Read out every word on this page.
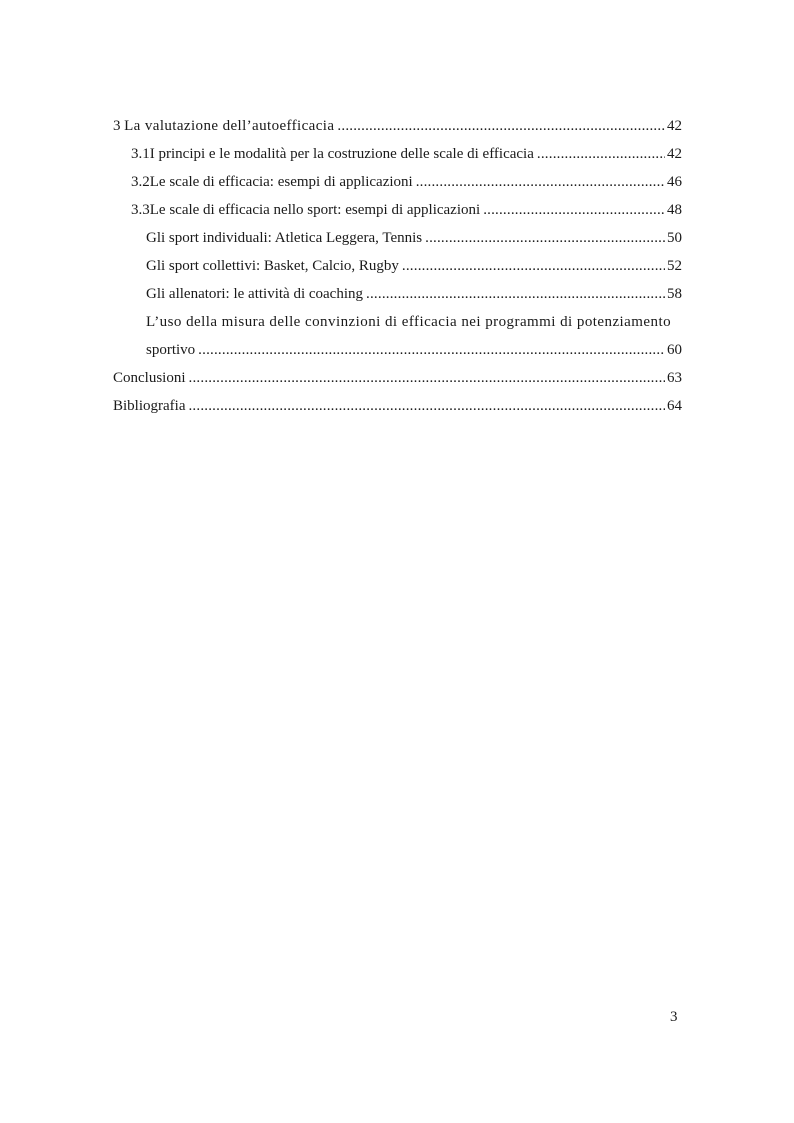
3 La valutazione dell’autoefficacia .....	42
3.1 I principi e le modalità per la costruzione delle scale di efficacia .....	42
3.2 Le scale di efficacia: esempi di applicazioni .....	46
3.3 Le scale di efficacia nello sport: esempi di applicazioni .....	48
Gli sport individuali: Atletica Leggera, Tennis .....	50
Gli sport collettivi: Basket, Calcio, Rugby .....	52
Gli allenatori: le attività di coaching .....	58
L’uso della misura delle convinzioni di efficacia nei programmi di potenziamento
sportivo .....	60
Conclusioni .....	63
Bibliografia .....	64
3
